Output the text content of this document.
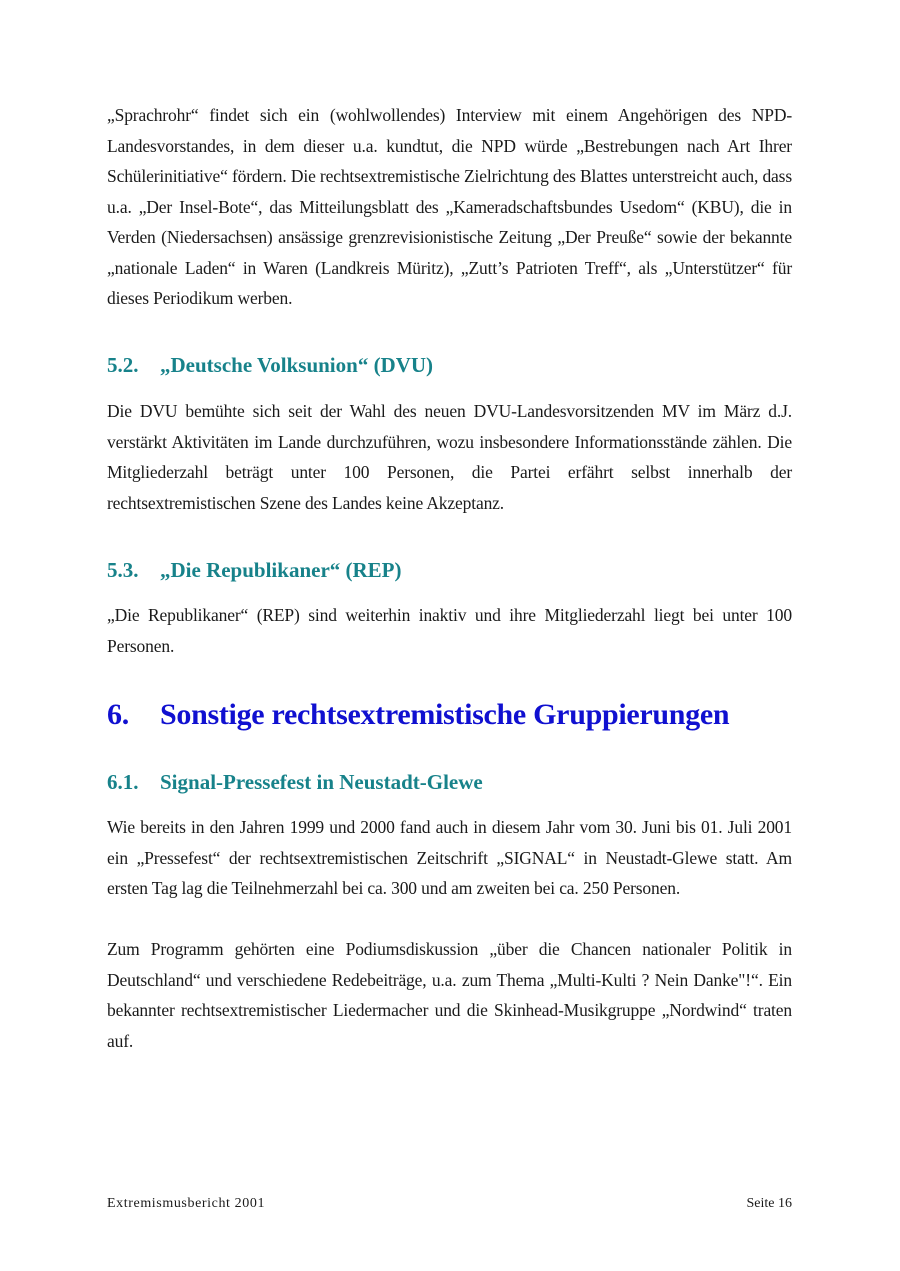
„Sprachrohr“ findet sich ein (wohlwollendes) Interview mit einem Angehörigen des NPD-Landesvorstandes, in dem dieser u.a. kundtut, die NPD würde „Bestrebungen nach Art Ihrer Schülerinitiative“ fördern. Die rechtsextremistische Zielrichtung des Blattes unterstreicht auch, dass u.a. „Der Insel-Bote“, das Mitteilungsblatt des „Kameradschaftsbundes Usedom“ (KBU), die in Verden (Niedersachsen) ansässige grenzrevisionistische Zeitung „Der Preuße“ sowie der bekannte „nationale Laden“ in Waren (Landkreis Müritz), „Zutt’s Patrioten Treff“, als „Unterstützer“ für dieses Periodikum werben.

5.2.	„Deutsche Volksunion“ (DVU)

Die DVU bemühte sich seit der Wahl des neuen DVU-Landesvorsitzenden MV im März d.J. verstärkt Aktivitäten im Lande durchzuführen, wozu insbesondere Informationsstände zählen. Die Mitgliederzahl beträgt unter 100 Personen, die Partei erfährt selbst innerhalb der rechtsextremistischen Szene des Landes keine Akzeptanz.

5.3.	„Die Republikaner“ (REP)

„Die Republikaner“ (REP) sind weiterhin inaktiv und ihre Mitgliederzahl liegt bei unter 100 Personen.

6.	Sonstige rechtsextremistische Gruppierungen
6.1.	Signal-Pressefest in Neustadt-Glewe

Wie bereits in den Jahren 1999 und 2000 fand auch in diesem Jahr vom 30. Juni bis 01. Juli 2001 ein „Pressefest“ der rechtsextremistischen Zeitschrift „SIGNAL“ in Neustadt-Glewe statt. Am ersten Tag lag die Teilnehmerzahl bei ca. 300 und am zweiten bei ca. 250 Personen.

Zum Programm gehörten eine Podiumsdiskussion „über die Chancen nationaler Politik in Deutschland“ und verschiedene Redebeiträge, u.a. zum Thema „Multi-Kulti ? Nein Danke"!“. Ein bekannter rechtsextremistischer Liedermacher und die Skinhead-Musikgruppe „Nordwind“ traten auf.

Extremismusbericht 2001	Seite 16
